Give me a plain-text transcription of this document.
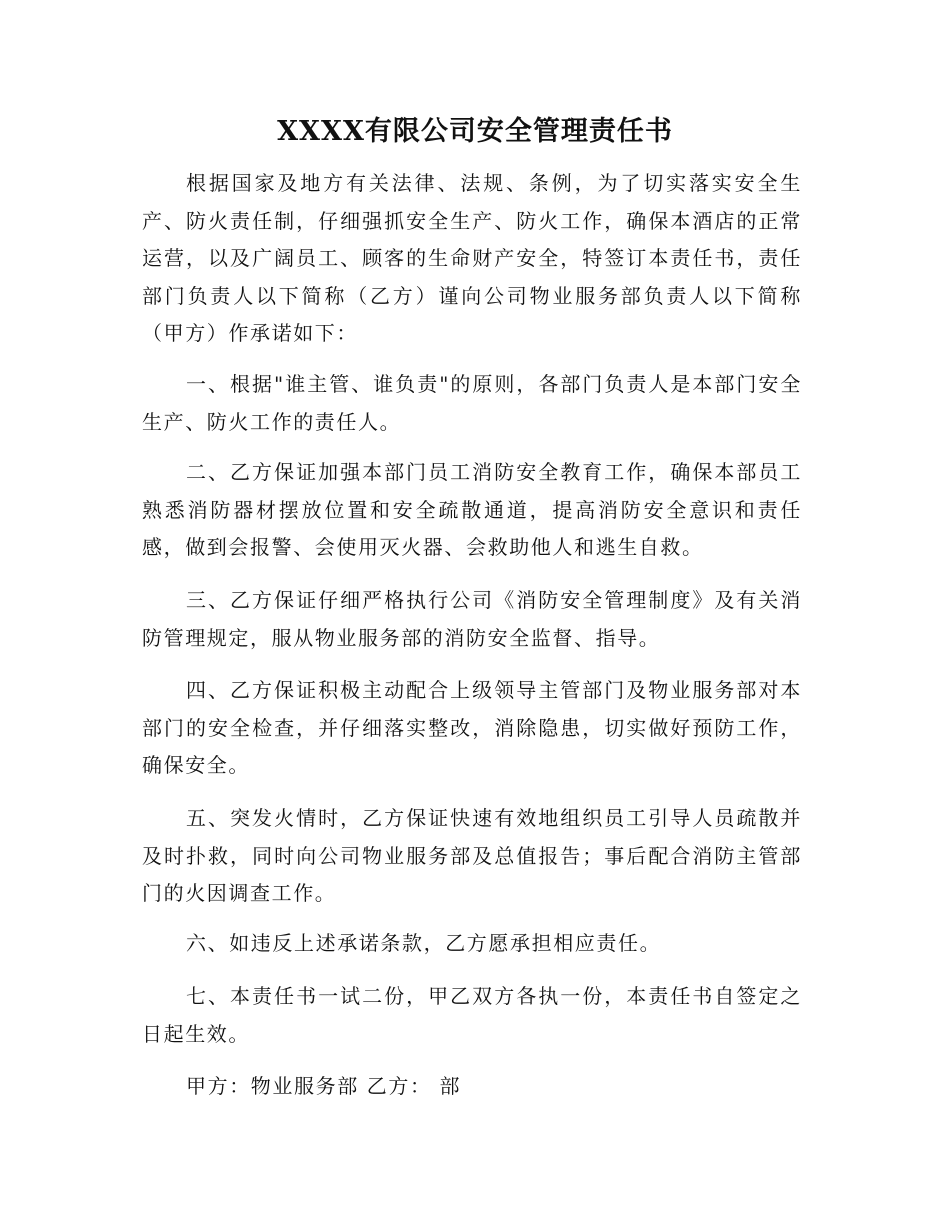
XXXX有限公司安全管理责任书

根据国家及地方有关法律、法规、条例，为了切实落实安全生产、防火责任制，仔细强抓安全生产、防火工作，确保本酒店的正常运营，以及广阔员工、顾客的生命财产安全，特签订本责任书，责任部门负责人以下简称（乙方）谨向公司物业服务部负责人以下简称（甲方）作承诺如下：

一、根据"谁主管、谁负责"的原则，各部门负责人是本部门安全生产、防火工作的责任人。

二、乙方保证加强本部门员工消防安全教育工作，确保本部员工熟悉消防器材摆放位置和安全疏散通道，提高消防安全意识和责任感，做到会报警、会使用灭火器、会救助他人和逃生自救。

三、乙方保证仔细严格执行公司《消防安全管理制度》及有关消防管理规定，服从物业服务部的消防安全监督、指导。

四、乙方保证积极主动配合上级领导主管部门及物业服务部对本部门的安全检查，并仔细落实整改，消除隐患，切实做好预防工作，确保安全。

五、突发火情时，乙方保证快速有效地组织员工引导人员疏散并及时扑救，同时向公司物业服务部及总值报告；事后配合消防主管部门的火因调查工作。

六、如违反上述承诺条款，乙方愿承担相应责任。

七、本责任书一试二份，甲乙双方各执一份，本责任书自签定之日起生效。

甲方：物业服务部 乙方： 部
